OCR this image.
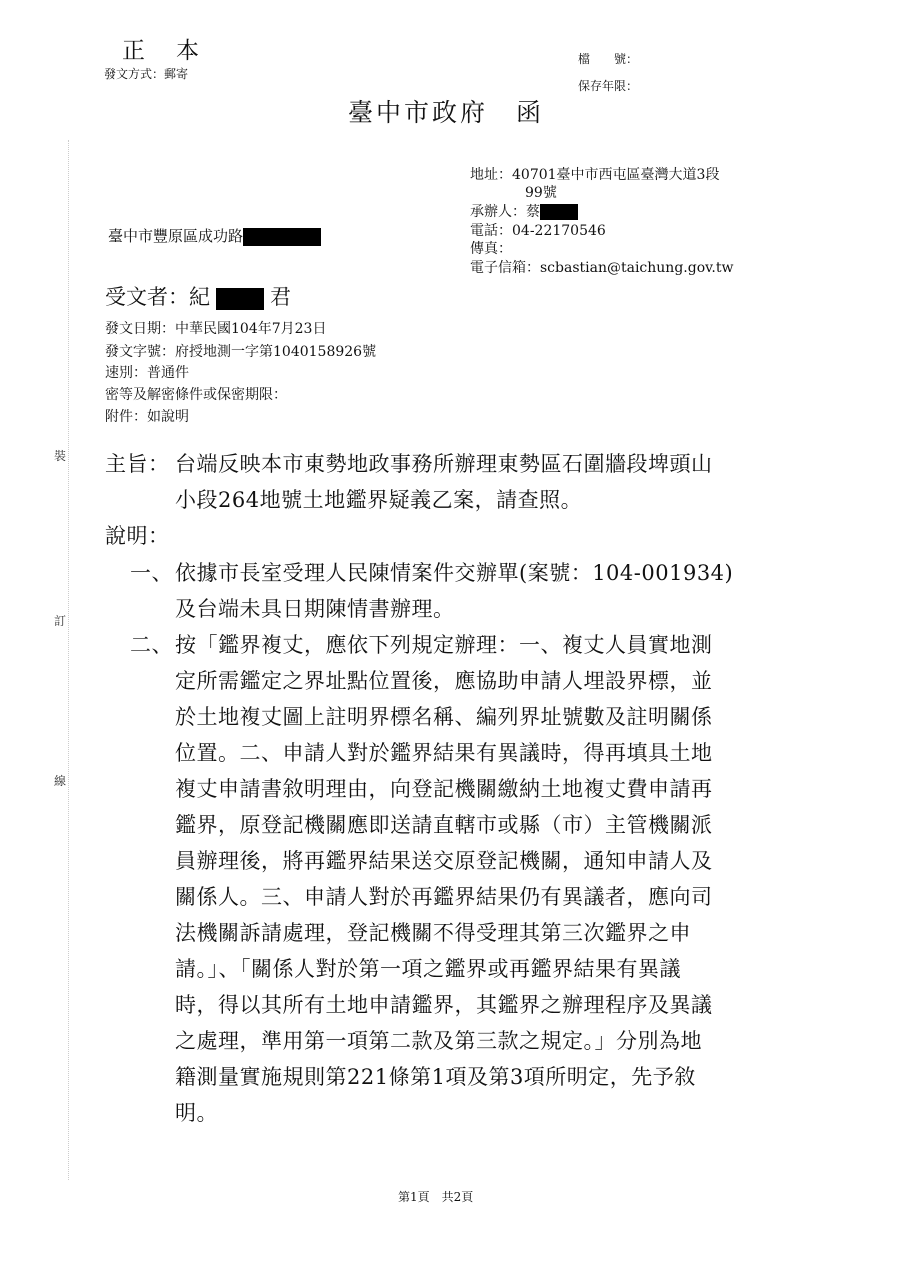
正　本
發文方式：郵寄
檔　　號：
保存年限：
臺中市政府　函
地址：40701臺中市西屯區臺灣大道3段
99號
承辦人：蔡
電話：04-22170546
傳真：
電子信箱：scbastian@taichung.gov.tw
臺中市豐原區成功路
受文者：紀	君
發文日期：中華民國104年7月23日
發文字號：府授地測一字第1040158926號
速別：普通件
密等及解密條件或保密期限：
附件：如說明
裝
訂
線
主旨： 台端反映本市東勢地政事務所辦理東勢區石圍牆段埤頭山
小段264地號土地鑑界疑義乙案，請查照。
說明：
一、 依據市長室受理人民陳情案件交辦單(案號：104-001934)
及台端未具日期陳情書辦理。
二、 按「鑑界複丈，應依下列規定辦理：一、複丈人員實地測
定所需鑑定之界址點位置後，應協助申請人埋設界標，並
於土地複丈圖上註明界標名稱、編列界址號數及註明關係
位置。二、申請人對於鑑界結果有異議時，得再填具土地
複丈申請書敘明理由，向登記機關繳納土地複丈費申請再
鑑界，原登記機關應即送請直轄市或縣（市）主管機關派
員辦理後，將再鑑界結果送交原登記機關，通知申請人及
關係人。三、申請人對於再鑑界結果仍有異議者，應向司
法機關訴請處理，登記機關不得受理其第三次鑑界之申
請。」、「關係人對於第一項之鑑界或再鑑界結果有異議
時，得以其所有土地申請鑑界，其鑑界之辦理程序及異議
之處理，準用第一項第二款及第三款之規定。」分別為地
籍測量實施規則第221條第1項及第3項所明定，先予敘
明。
第1頁　共2頁
